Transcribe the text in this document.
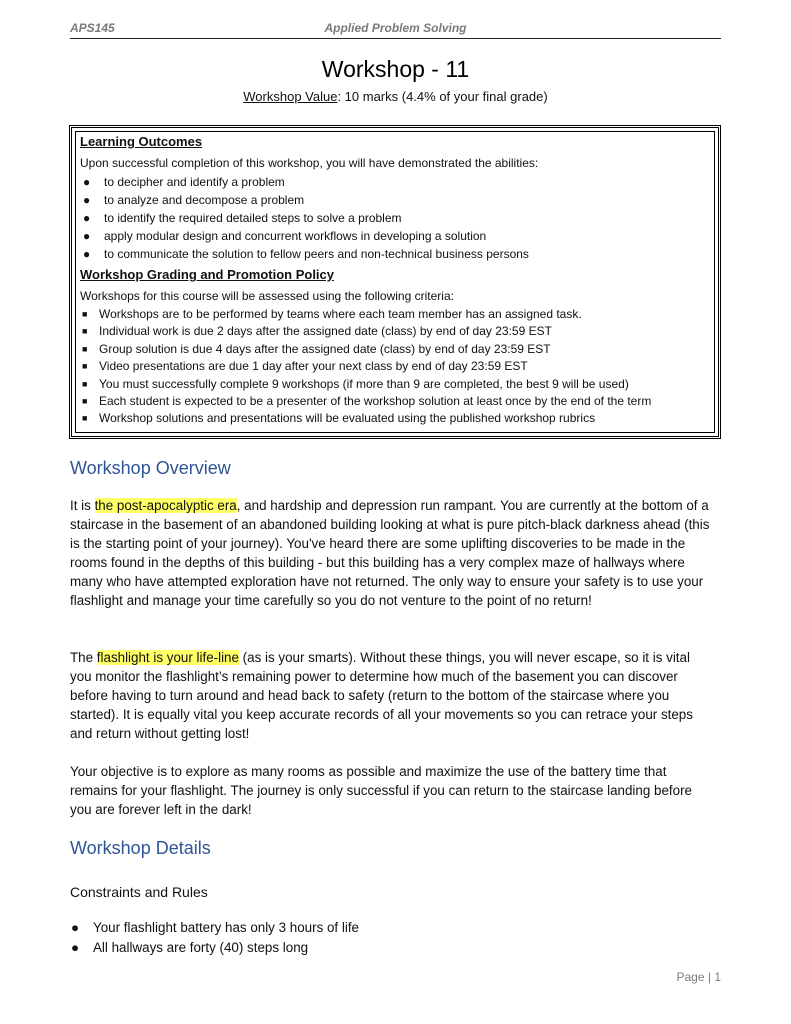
APS145	Applied Problem Solving
Workshop - 11
Workshop Value: 10 marks (4.4% of your final grade)
Learning Outcomes
Upon successful completion of this workshop, you will have demonstrated the abilities:
● to decipher and identify a problem
● to analyze and decompose a problem
● to identify the required detailed steps to solve a problem
● apply modular design and concurrent workflows in developing a solution
● to communicate the solution to fellow peers and non-technical business persons
Workshop Grading and Promotion Policy
Workshops for this course will be assessed using the following criteria:
■ Workshops are to be performed by teams where each team member has an assigned task.
■ Individual work is due 2 days after the assigned date (class) by end of day 23:59 EST
■ Group solution is due 4 days after the assigned date (class) by end of day 23:59 EST
■ Video presentations are due 1 day after your next class by end of day 23:59 EST
■ You must successfully complete 9 workshops (if more than 9 are completed, the best 9 will be used)
■ Each student is expected to be a presenter of the workshop solution at least once by the end of the term
■ Workshop solutions and presentations will be evaluated using the published workshop rubrics
Workshop Overview
It is the post-apocalyptic era, and hardship and depression run rampant. You are currently at the bottom of a staircase in the basement of an abandoned building looking at what is pure pitch-black darkness ahead (this is the starting point of your journey). You've heard there are some uplifting discoveries to be made in the rooms found in the depths of this building - but this building has a very complex maze of hallways where many who have attempted exploration have not returned. The only way to ensure your safety is to use your flashlight and manage your time carefully so you do not venture to the point of no return!
The flashlight is your life-line (as is your smarts). Without these things, you will never escape, so it is vital you monitor the flashlight’s remaining power to determine how much of the basement you can discover before having to turn around and head back to safety (return to the bottom of the staircase where you started). It is equally vital you keep accurate records of all your movements so you can retrace your steps and return without getting lost!
Your objective is to explore as many rooms as possible and maximize the use of the battery time that remains for your flashlight. The journey is only successful if you can return to the staircase landing before you are forever left in the dark!
Workshop Details
Constraints and Rules
● Your flashlight battery has only 3 hours of life
● All hallways are forty (40) steps long
Page | 1
